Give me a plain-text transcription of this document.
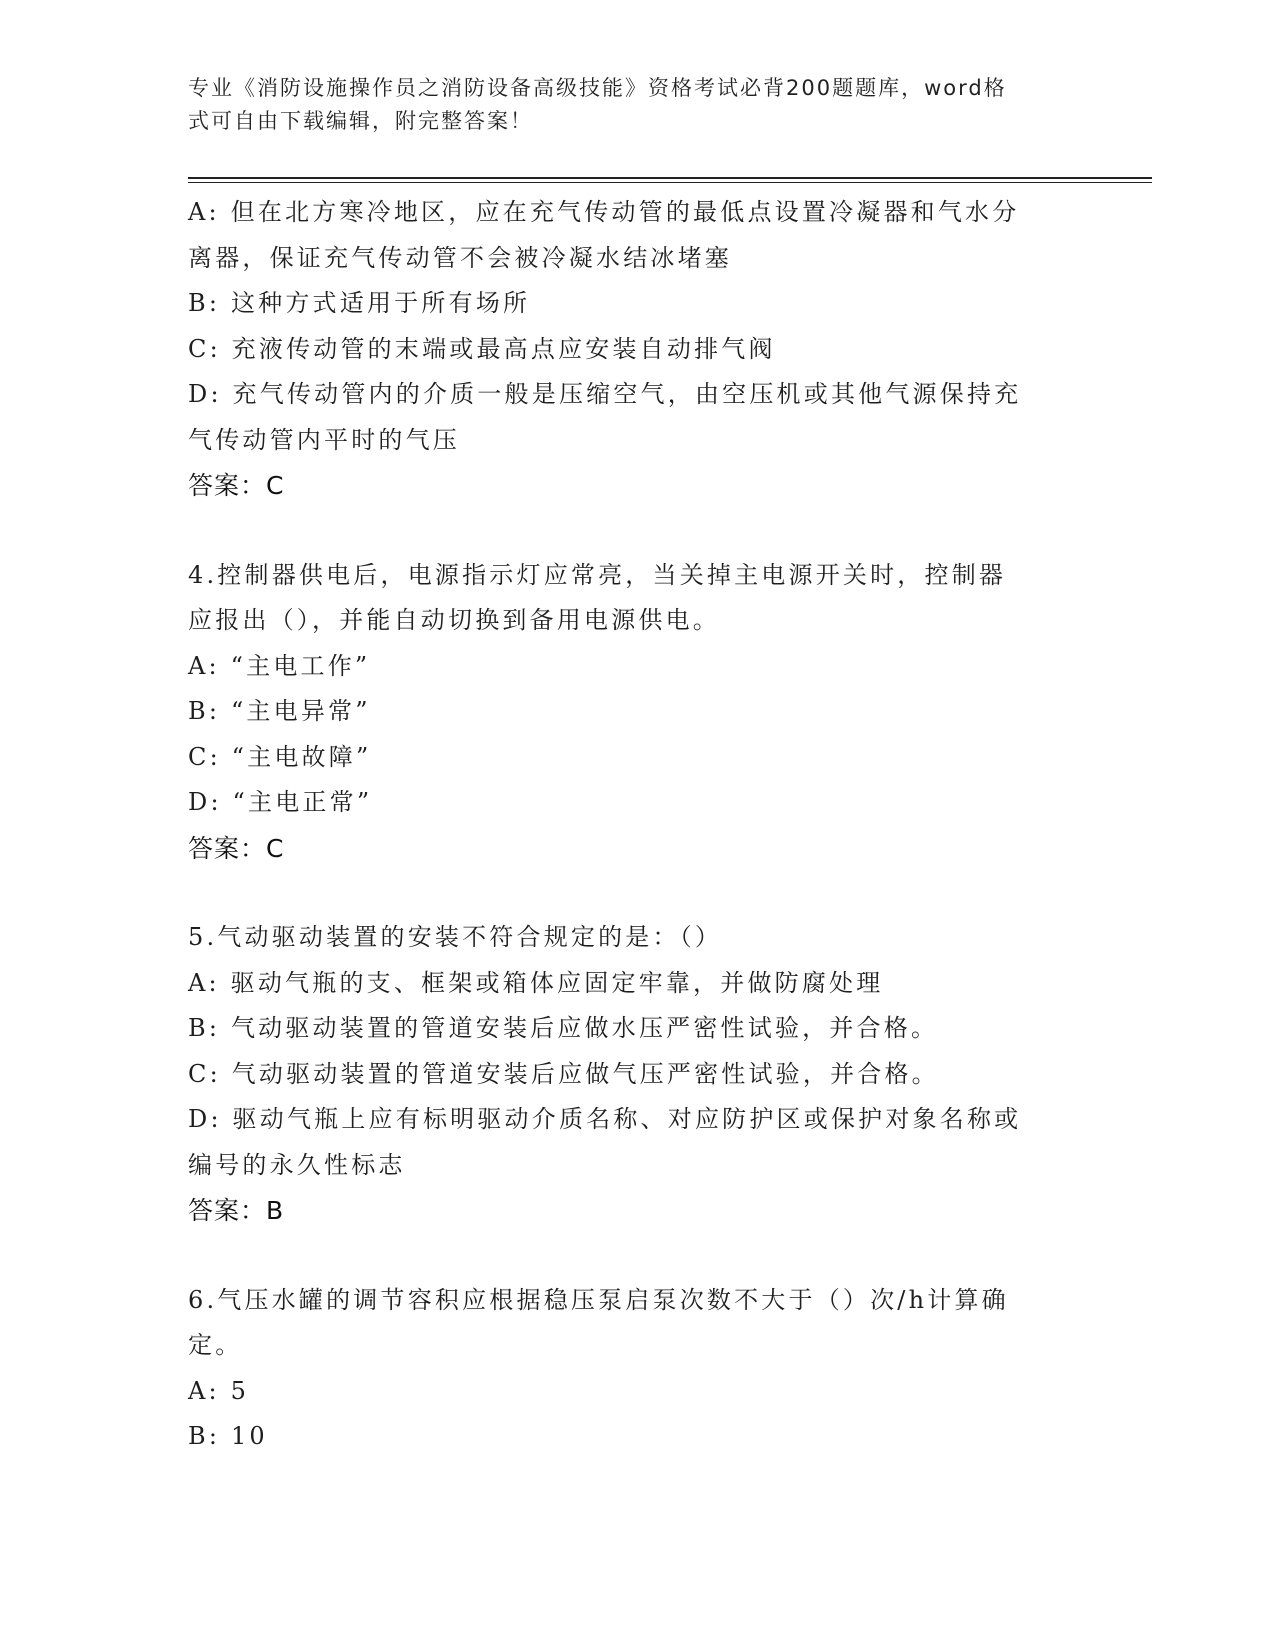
专业《消防设施操作员之消防设备高级技能》资格考试必背200题题库，word格
式可自由下载编辑，附完整答案！
A: 但在北方寒冷地区，应在充气传动管的最低点设置冷凝器和气水分
离器，保证充气传动管不会被冷凝水结冰堵塞
B: 这种方式适用于所有场所
C: 充液传动管的末端或最高点应安装自动排气阀
D: 充气传动管内的介质一般是压缩空气，由空压机或其他气源保持充
气传动管内平时的气压
答案：C
4.控制器供电后，电源指示灯应常亮，当关掉主电源开关时，控制器
应报出（），并能自动切换到备用电源供电。
A: “主电工作”
B: “主电异常”
C: “主电故障”
D: “主电正常”
答案：C
5.气动驱动装置的安装不符合规定的是：（）
A: 驱动气瓶的支、框架或箱体应固定牢靠，并做防腐处理
B: 气动驱动装置的管道安装后应做水压严密性试验，并合格。
C: 气动驱动装置的管道安装后应做气压严密性试验，并合格。
D: 驱动气瓶上应有标明驱动介质名称、对应防护区或保护对象名称或
编号的永久性标志
答案：B
6.气压水罐的调节容积应根据稳压泵启泵次数不大于（）次/h计算确
定。
A: 5
B: 10
